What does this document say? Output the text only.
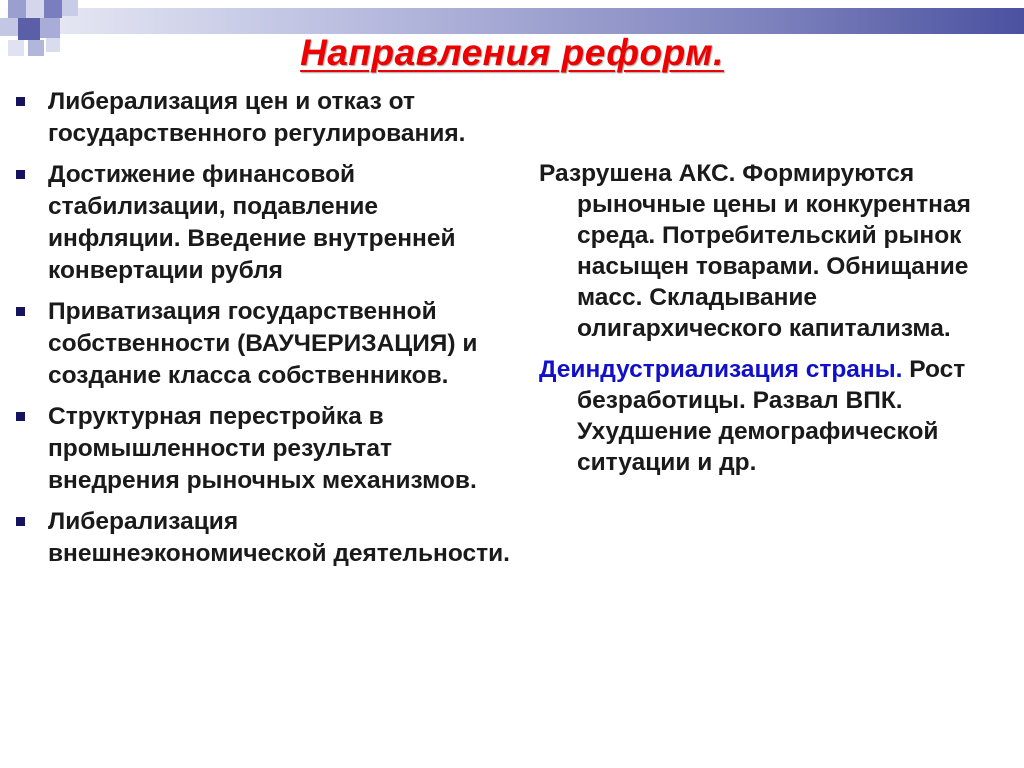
Направления реформ.
Либерализация цен и отказ от государственного регулирования.
Достижение финансовой стабилизации, подавление инфляции. Введение внутренней конвертации рубля
Приватизация государственной собственности (ВАУЧЕРИЗАЦИЯ) и создание класса собственников.
Структурная перестройка в промышленности результат внедрения рыночных механизмов.
Либерализация внешнеэкономической деятельности.

Разрушена АКС. Формируются рыночные цены и конкурентная среда. Потребительский рынок насыщен товарами. Обнищание масс. Складывание олигархического капитализма.

Деиндустриализация страны. Рост безработицы. Развал ВПК. Ухудшение демографической ситуации и др.
